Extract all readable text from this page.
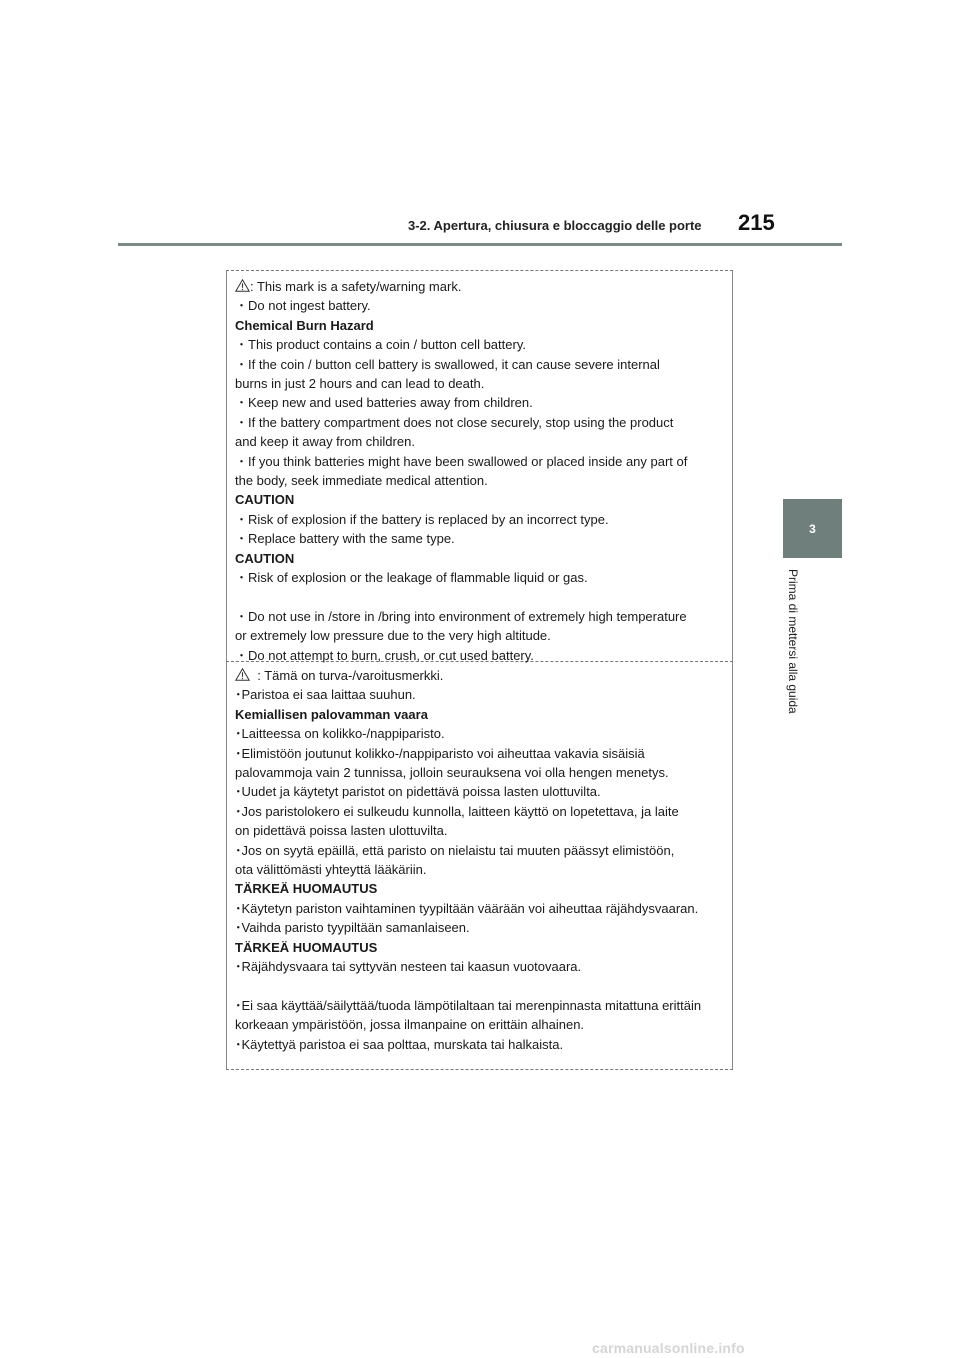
3-2. Apertura, chiusura e bloccaggio delle porte 215
3
Prima di mettersi alla guida
: This mark is a safety/warning mark.
・Do not ingest battery.
Chemical Burn Hazard
・This product contains a coin / button cell battery.
・If the coin / button cell battery is swallowed, it can cause severe internal
burns in just 2 hours and can lead to death.
・Keep new and used batteries away from children.
・If the battery compartment does not close securely, stop using the product
and keep it away from children.
・If you think batteries might have been swallowed or placed inside any part of
the body, seek immediate medical attention.
CAUTION
・Risk of explosion if the battery is replaced by an incorrect type.
・Replace battery with the same type.
CAUTION
・Risk of explosion or the leakage of flammable liquid or gas.
・Do not use in /store in /bring into environment of extremely high temperature
or extremely low pressure due to the very high altitude.
・Do not attempt to burn, crush, or cut used battery.
: Tämä on turva-/varoitusmerkki.
･Paristoa ei saa laittaa suuhun.
Kemiallisen palovamman vaara
･Laitteessa on kolikko-/nappiparisto.
･Elimistöön joutunut kolikko-/nappiparisto voi aiheuttaa vakavia sisäisiä
palovammoja vain 2 tunnissa, jolloin seurauksena voi olla hengen menetys.
･Uudet ja käytetyt paristot on pidettävä poissa lasten ulottuvilta.
･Jos paristolokero ei sulkeudu kunnolla, laitteen käyttö on lopetettava, ja laite
on pidettävä poissa lasten ulottuvilta.
･Jos on syytä epäillä, että paristo on nielaistu tai muuten päässyt elimistöön,
ota välittömästi yhteyttä lääkäriin.
TÄRKEÄ HUOMAUTUS
･Käytetyn pariston vaihtaminen tyypiltään väärään voi aiheuttaa räjähdysvaaran.
･Vaihda paristo tyypiltään samanlaiseen.
TÄRKEÄ HUOMAUTUS
･Räjähdysvaara tai syttyvän nesteen tai kaasun vuotovaara.
･Ei saa käyttää/säilyttää/tuoda lämpötilaltaan tai merenpinnasta mitattuna erittäin
korkeaan ympäristöön, jossa ilmanpaine on erittäin alhainen.
･Käytettyä paristoa ei saa polttaa, murskata tai halkaista.
carmanualsonline.info
